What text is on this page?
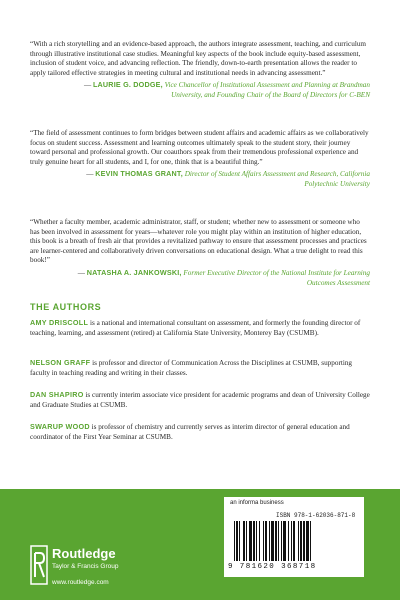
“With a rich storytelling and an evidence-based approach, the authors integrate assessment, teaching, and curriculum through illustrative institutional case studies. Meaningful key aspects of the book include equity-based assessment, inclusion of student voice, and advancing reflection. The friendly, down-to-earth presentation allows the reader to apply tailored effective strategies in meeting cultural and institutional needs in advancing assessment.”
— LAURIE G. DODGE, Vice Chancellor of Institutional Assessment and Planning at Brandman University, and Founding Chair of the Board of Directors for C-BEN
“The field of assessment continues to form bridges between student affairs and academic affairs as we collaboratively focus on student success. Assessment and learning outcomes ultimately speak to the student story, their journey toward personal and professional growth. Our coauthors speak from their tremendous professional experience and truly genuine heart for all students, and I, for one, think that is a beautiful thing.”
— KEVIN THOMAS GRANT, Director of Student Affairs Assessment and Research, California Polytechnic University
“Whether a faculty member, academic administrator, staff, or student; whether new to assessment or someone who has been involved in assessment for years—whatever role you might play within an institution of higher education, this book is a breath of fresh air that provides a revitalized pathway to ensure that assessment processes and practices are learner-centered and collaboratively driven conversations on educational design. What a true delight to read this book!”
— NATASHA A. JANKOWSKI, Former Executive Director of the National Institute for Learning Outcomes Assessment
THE AUTHORS
AMY DRISCOLL is a national and international consultant on assessment, and formerly the founding director of teaching, learning, and assessment (retired) at California State University, Monterey Bay (CSUMB).
NELSON GRAFF is professor and director of Communication Across the Disciplines at CSUMB, supporting faculty in teaching reading and writing in their classes.
DAN SHAPIRO is currently interim associate vice president for academic programs and dean of University College and Graduate Studies at CSUMB.
SWARUP WOOD is professor of chemistry and currently serves as interim director of general education and coordinator of the First Year Seminar at CSUMB.
Routledge
Taylor & Francis Group
www.routledge.com
an informa business
ISBN 978-1-62036-871-8
9 781620 368718
